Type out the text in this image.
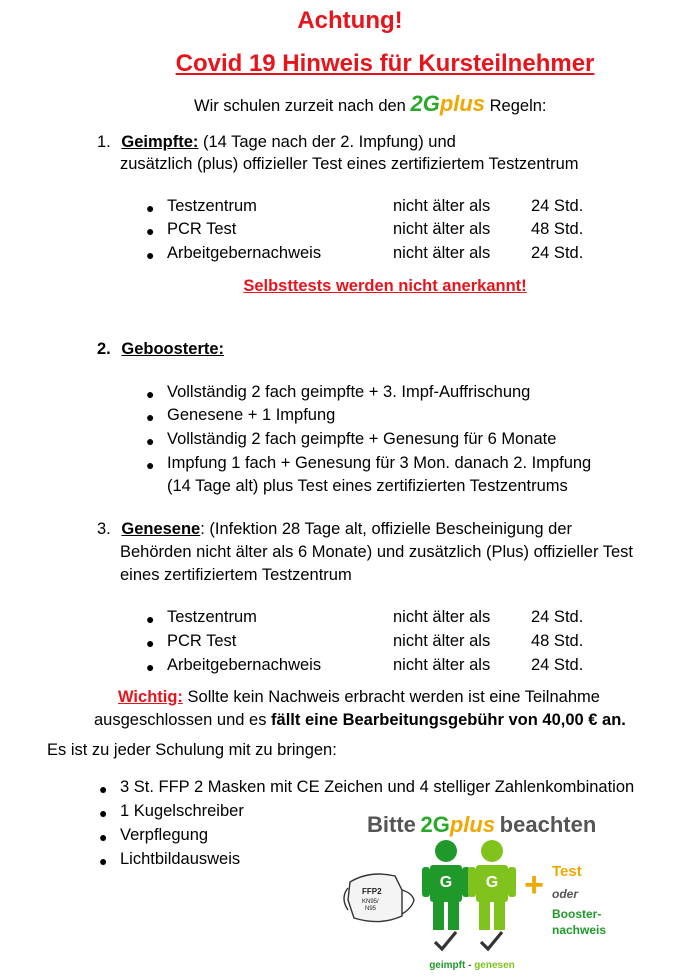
Achtung!
Covid 19 Hinweis für Kursteilnehmer
Wir schulen zurzeit nach den 2Gplus Regeln:
1. Geimpfte: (14 Tage nach der 2. Impfung) und
zusätzlich (plus) offizieller Test eines zertifiziertem Testzentrum
● Testzentrum	nicht älter als 24 Std.
● PCR Test	nicht älter als 48 Std.
● Arbeitgebernachweis	nicht älter als 24 Std.
Selbsttests werden nicht anerkannt!
2. Geboosterte:
● Vollständig 2 fach geimpfte + 3. Impf-Auffrischung
● Genesene + 1 Impfung
● Vollständig 2 fach geimpfte + Genesung für 6 Monate
● Impfung 1 fach + Genesung für 3 Mon. danach 2. Impfung
(14 Tage alt) plus Test eines zertifizierten Testzentrums
3. Genesene: (Infektion 28 Tage alt, offizielle Bescheinigung der
Behörden nicht älter als 6 Monate) und zusätzlich (Plus) offizieller Test
eines zertifiziertem Testzentrum
● Testzentrum	nicht älter als 24 Std.
● PCR Test	nicht älter als 48 Std.
● Arbeitgebernachweis	nicht älter als 24 Std.
Wichtig: Sollte kein Nachweis erbracht werden ist eine Teilnahme
ausgeschlossen und es fällt eine Bearbeitungsgebühr von 40,00 € an.
Es ist zu jeder Schulung mit zu bringen:
● 3 St. FFP 2 Masken mit CE Zeichen und 4 stelliger Zahlenkombination
● 1 Kugelschreiber
● Verpflegung
● Lichtbildausweis
Bitte 2Gplus beachten
FFP2
KN95/
N95
G G + Test
oder
Booster-
nachweis
geimpft - genesen
